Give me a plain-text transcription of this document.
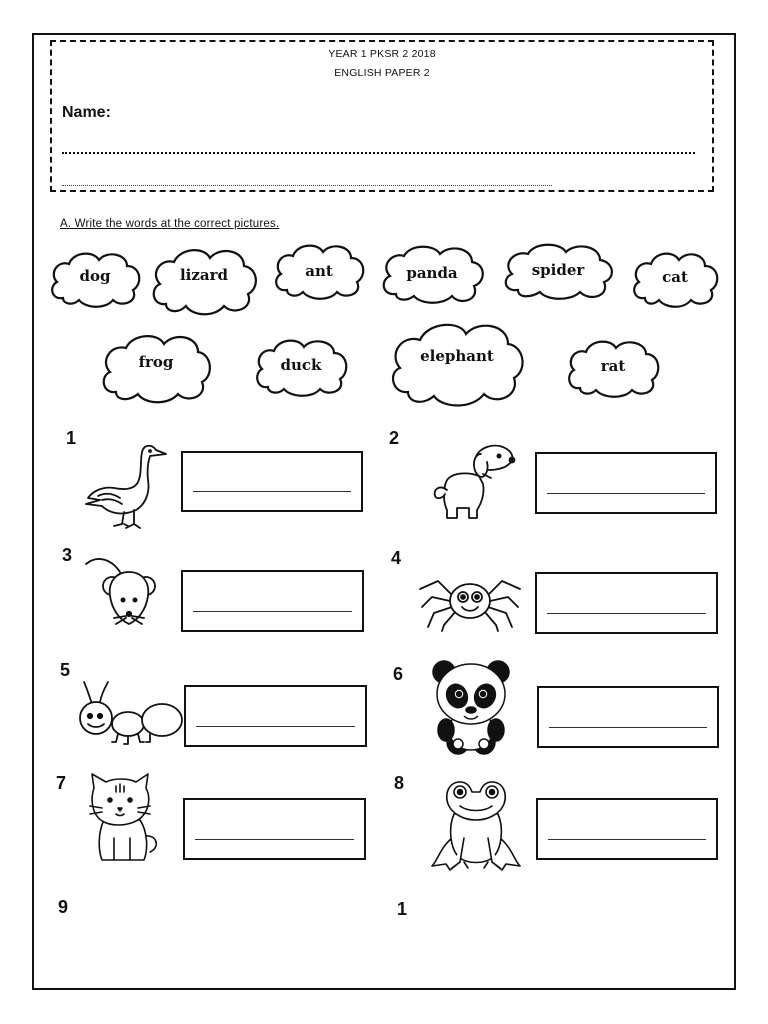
YEAR 1 PKSR 2 2018
ENGLISH PAPER 2
Name:
A. Write the words at the correct pictures.
dog	lizard	ant	panda	spider	cat
frog	duck	elephant
rat
1	2
3	4
5	6
7	8
9	1
